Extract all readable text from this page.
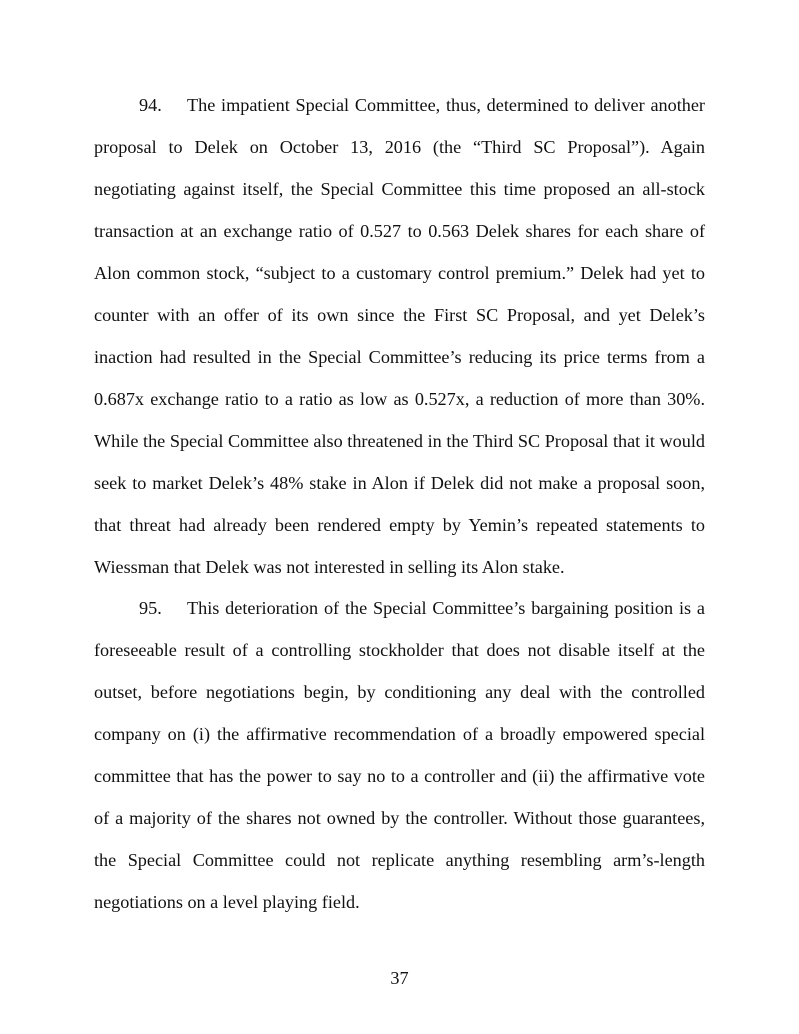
94. The impatient Special Committee, thus, determined to deliver another proposal to Delek on October 13, 2016 (the “Third SC Proposal”). Again negotiating against itself, the Special Committee this time proposed an all-stock transaction at an exchange ratio of 0.527 to 0.563 Delek shares for each share of Alon common stock, “subject to a customary control premium.” Delek had yet to counter with an offer of its own since the First SC Proposal, and yet Delek’s inaction had resulted in the Special Committee’s reducing its price terms from a 0.687x exchange ratio to a ratio as low as 0.527x, a reduction of more than 30%. While the Special Committee also threatened in the Third SC Proposal that it would seek to market Delek’s 48% stake in Alon if Delek did not make a proposal soon, that threat had already been rendered empty by Yemin’s repeated statements to Wiessman that Delek was not interested in selling its Alon stake.

95. This deterioration of the Special Committee’s bargaining position is a foreseeable result of a controlling stockholder that does not disable itself at the outset, before negotiations begin, by conditioning any deal with the controlled company on (i) the affirmative recommendation of a broadly empowered special committee that has the power to say no to a controller and (ii) the affirmative vote of a majority of the shares not owned by the controller. Without those guarantees, the Special Committee could not replicate anything resembling arm’s-length negotiations on a level playing field.

37
